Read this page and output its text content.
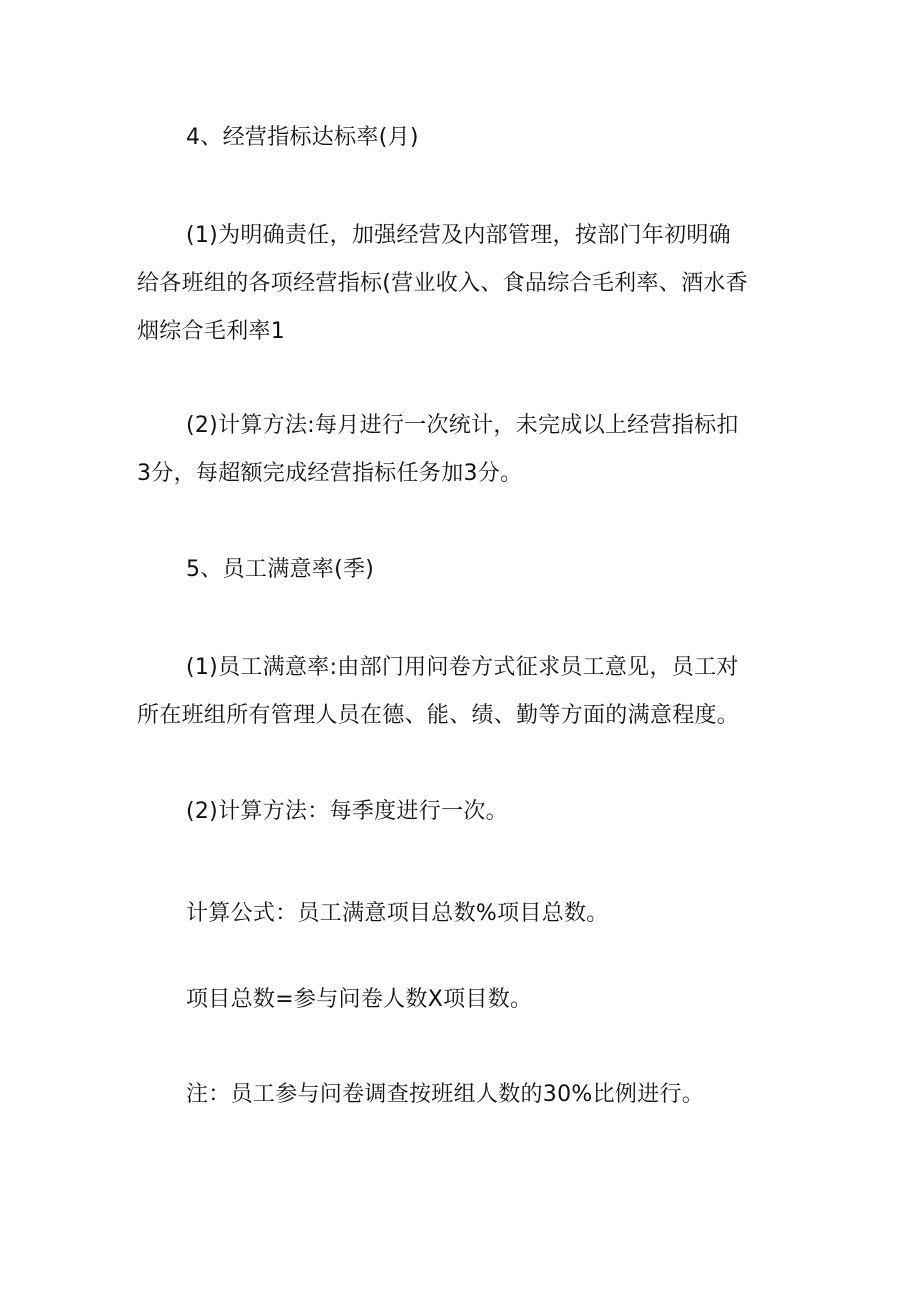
4、经营指标达标率(月)
(1)为明确责任，加强经营及内部管理，按部门年初明确
给各班组的各项经营指标(营业收入、食品综合毛利率、酒水香
烟综合毛利率1
(2)计算方法:每月进行一次统计，未完成以上经营指标扣
3分，每超额完成经营指标任务加3分。
5、员工满意率(季)
(1)员工满意率:由部门用问卷方式征求员工意见，员工对
所在班组所有管理人员在德、能、绩、勤等方面的满意程度。
(2)计算方法：每季度进行一次。
计算公式：员工满意项目总数%项目总数。
项目总数=参与问卷人数X项目数。
注：员工参与问卷调查按班组人数的30%比例进行。
